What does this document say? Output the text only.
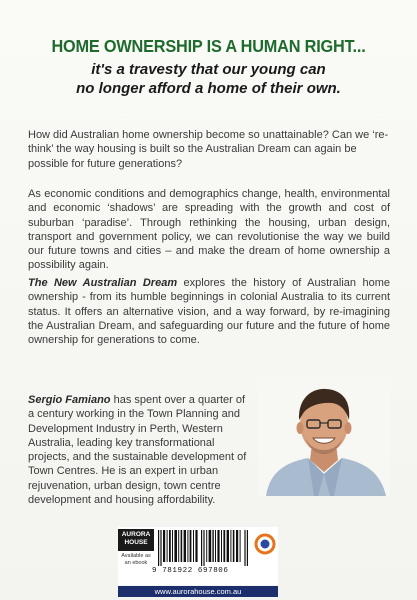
HOME OWNERSHIP IS A HUMAN RIGHT...
it's a travesty that our young can
no longer afford a home of their own.
How did Australian home ownership become so unattainable? Can we ‘re-think’ the way housing is built so the Australian Dream can again be possible for future generations?
As economic conditions and demographics change, health, environmental and economic ‘shadows’ are spreading with the growth and cost of suburban ‘paradise’. Through rethinking the housing, urban design, transport and government policy, we can revolutionise the way we build our future towns and cities – and make the dream of home ownership a possibility again.
The New Australian Dream explores the history of Australian home ownership - from its humble beginnings in colonial Australia to its current status. It offers an alternative vision, and a way forward, by re-imagining the Australian Dream, and safeguarding our future and the future of home ownership for generations to come.
Sergio Famiano has spent over a quarter of a century working in the Town Planning and Development Industry in Perth, Western Australia, leading key transformational projects, and the sustainable development of Town Centres. He is an expert in urban rejuvenation, urban design, town centre development and housing affordability.
AURORA HOUSE
Available as an ebook
9 781922 697806
www.aurorahouse.com.au
